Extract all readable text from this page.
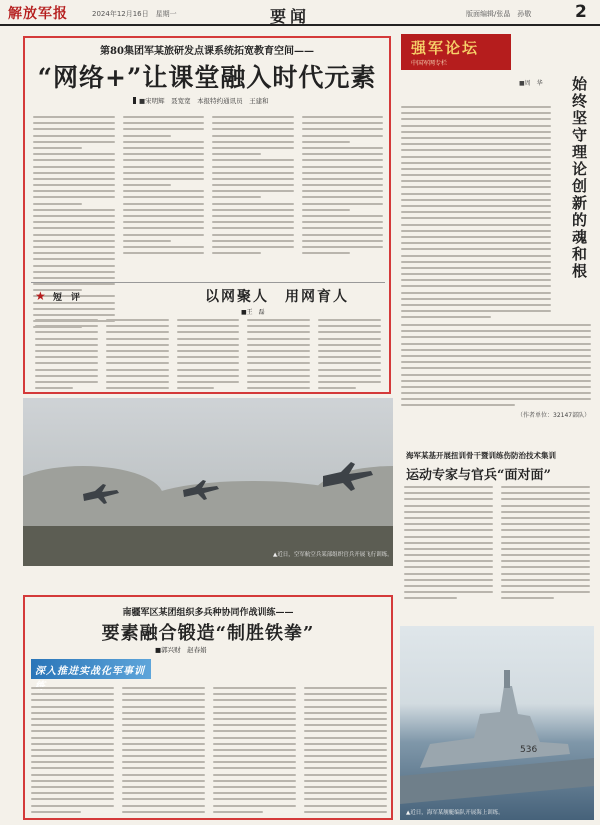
解放军报	2024年12月16日　星期一	要闻	版面编辑/张晶　孙敬	2
第80集团军某旅研发点课系统拓宽教育空间——
“网络+”让课堂融入时代元素
■宋明辉　聂宽宽　本报特约通讯员　王建和
★ 短　评	以网聚人　用网育人
■王　磊
强军论坛
中国军网专栏
始终坚守理论创新的魂和根
■周　华
（作者单位：32147部队）
海军某基开展扭训骨干暨训练伤防治技术集训
运动专家与官兵“面对面”
▲近日，空军航空兵某部组织官兵开展飞行训练。
536
▲近日，海军某舰艇编队开展海上训练。
南疆军区某团组织多兵种协同作战训练——
要素融合锻造“制胜铁拳”
■郭兴财　赵春娟
深入推进实战化军事训
